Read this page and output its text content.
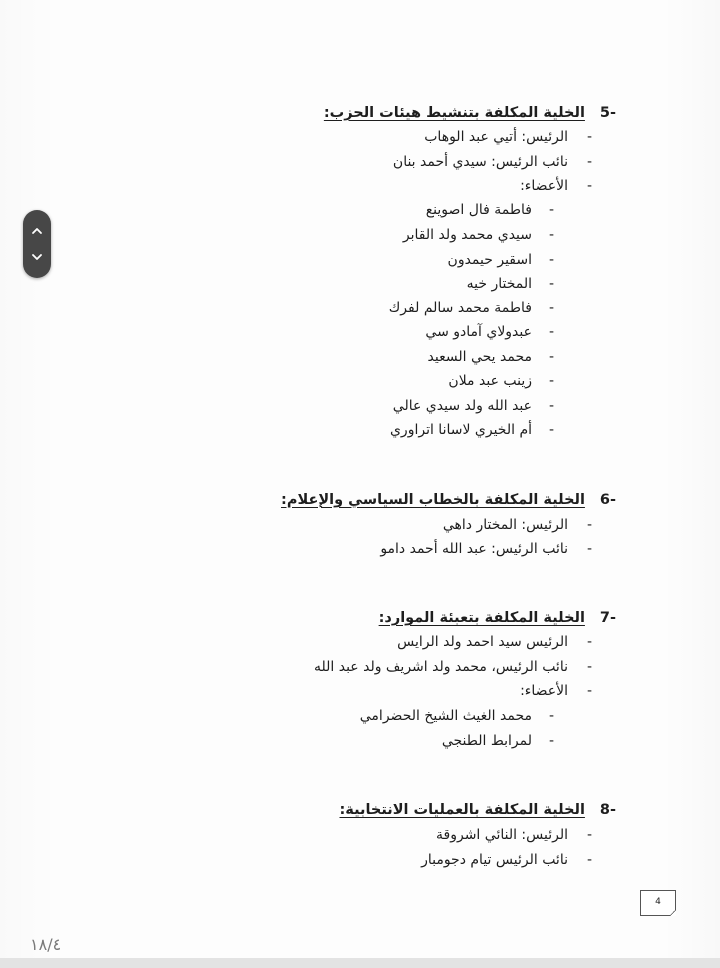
-5 الخلية المكلفة بتنشيط هيئات الحزب:
-الرئيس: أتيي عبد الوهاب
-نائب الرئيس: سيدي أحمد بنان
-الأعضاء:
-فاطمة فال اصوينع
-سيدي محمد ولد القابر
-اسقير حيمدون
-المختار خيه
-فاطمة محمد سالم لفرك
-عبدولاي آمادو سي
-محمد يحي السعيد
-زينب عبد ملان
-عبد الله ولد سيدي عالي
-أم الخيري لاسانا اتراوري
-6 الخلية المكلفة بالخطاب السياسي والإعلام:
-الرئيس: المختار داهي
-نائب الرئيس: عبد الله أحمد دامو
-7 الخلية المكلفة بتعبئة الموارد:
-الرئيس سيد احمد ولد الرايس
-نائب الرئيس، محمد ولد اشريف ولد عبد الله
-الأعضاء:
-محمد الغيث الشيخ الحضرامي
-لمرابط الطنجي
-8 الخلية المكلفة بالعمليات الانتخابية:
-الرئيس: النائي اشروقة
-نائب الرئيس تيام دجومبار
4
١٨/٤
